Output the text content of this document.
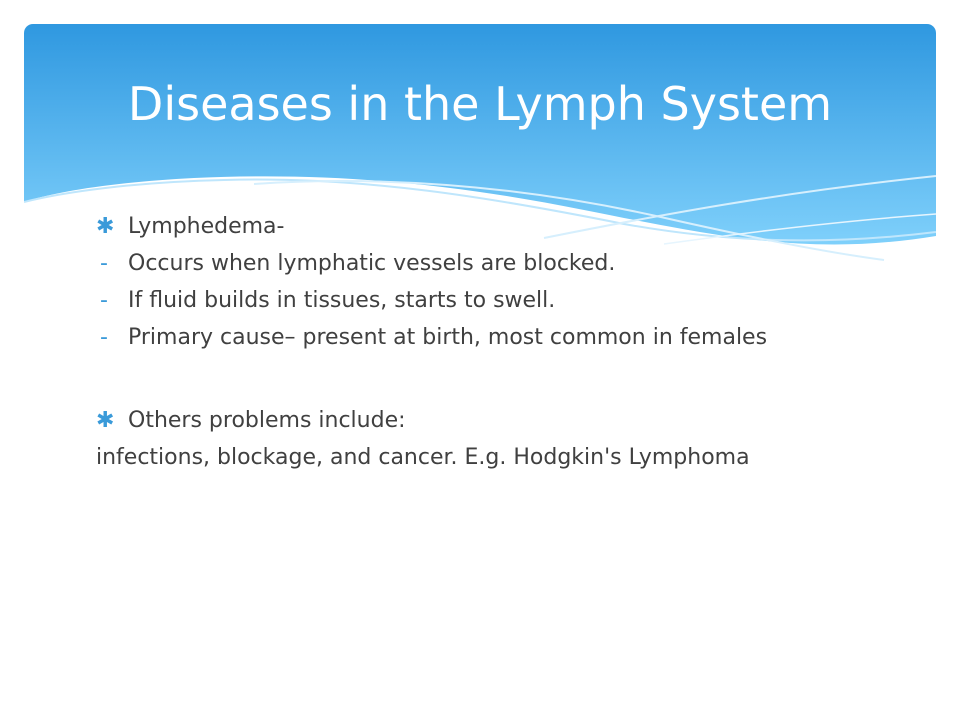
Diseases in the Lymph System
✱ Lymphedema-
- Occurs when lymphatic vessels are blocked.
- If fluid builds in tissues, starts to swell.
- Primary cause– present at birth, most common in females
✱ Others problems include:

infections, blockage, and cancer. E.g. Hodgkin's Lymphoma
